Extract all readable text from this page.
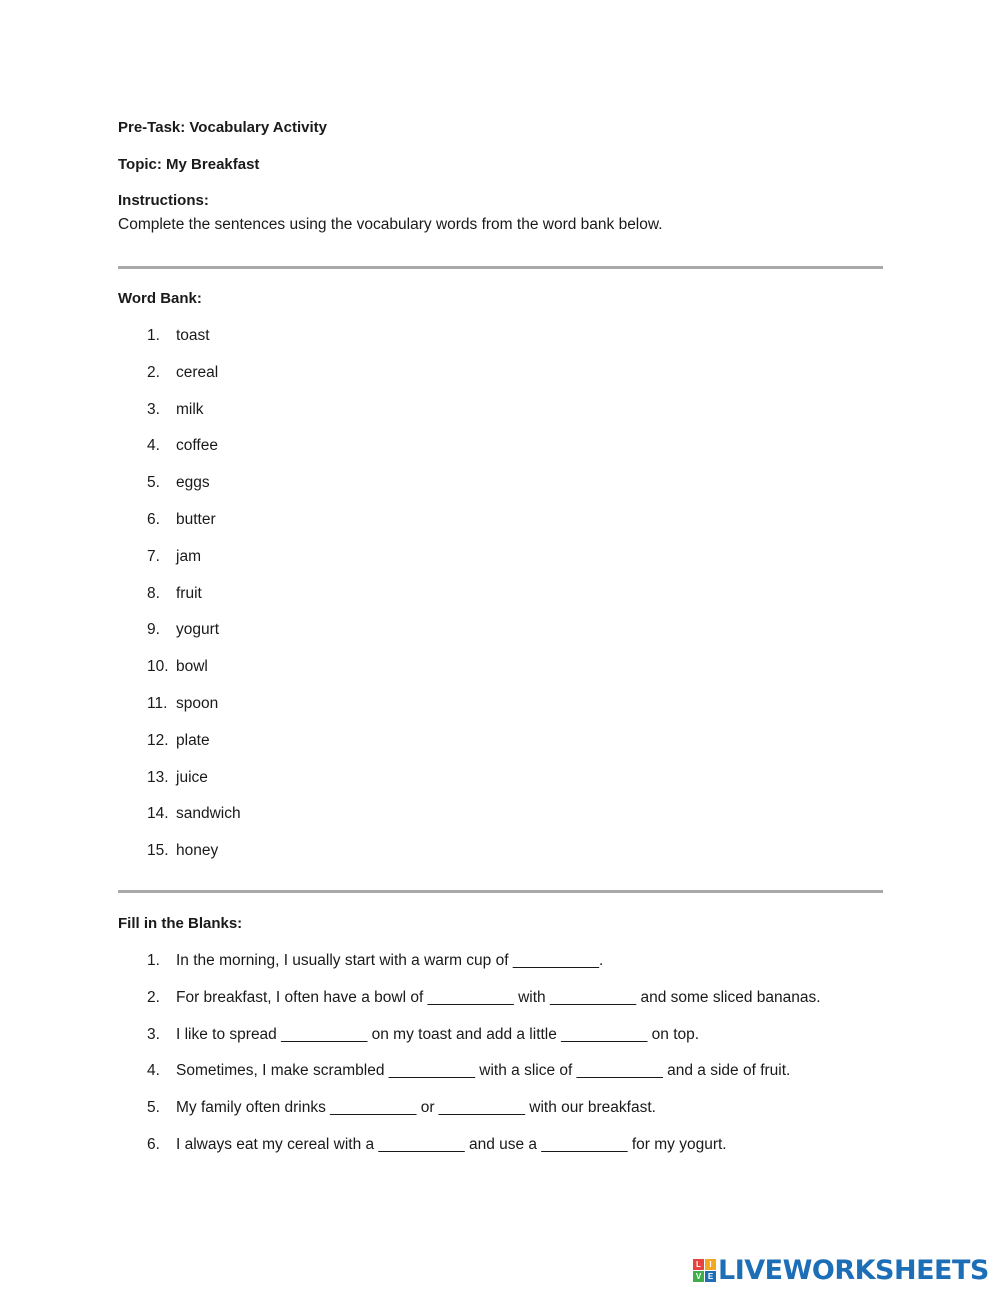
Pre-Task: Vocabulary Activity
Topic: My Breakfast
Instructions:
Complete the sentences using the vocabulary words from the word bank below.
Word Bank:
1. toast
2. cereal
3. milk
4. coffee
5. eggs
6. butter
7. jam
8. fruit
9. yogurt
10. bowl
11. spoon
12. plate
13. juice
14. sandwich
15. honey
Fill in the Blanks:
1. In the morning, I usually start with a warm cup of __________.
2. For breakfast, I often have a bowl of __________ with __________ and some sliced bananas.
3. I like to spread __________ on my toast and add a little __________ on top.
4. Sometimes, I make scrambled __________ with a slice of __________ and a side of fruit.
5. My family often drinks __________ or __________ with our breakfast.
6. I always eat my cereal with a __________ and use a __________ for my yogurt.
L	I
V E LIVEWORKSHEETS
